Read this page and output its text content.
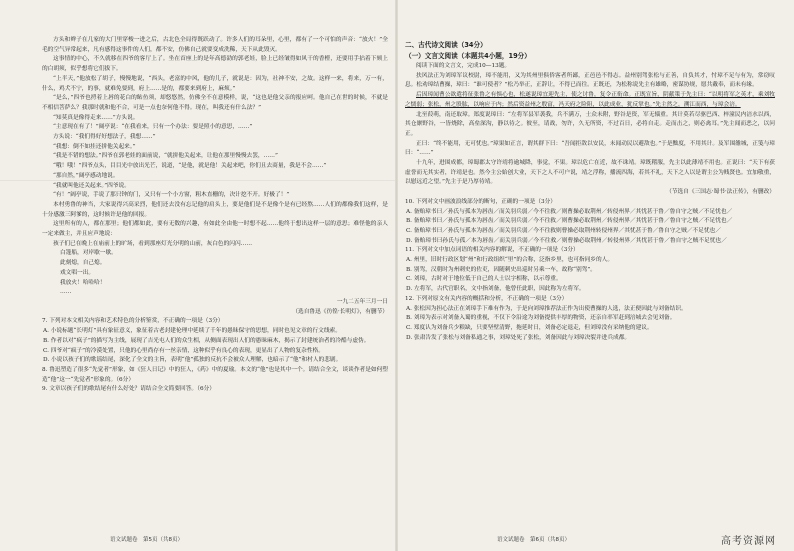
方头和辫子在几家的大门里穿梭一进之后，古北色全局得既跃动了。许多人们的耳朵里，心里，都有了一个可怕的声音：“放火！”全毛的空气异常起来，凡有感得这事件的人们，都不安，仿佛自己就要变成洗稀，天下从此毁灭。

这事情的中心，不久就移在四爷的客厅上了。坐在首座上的是年高德劭的郭老娃，脸上已经皱得如风干的香橙，还要用手拈着下颏上的白胡须，似乎想将它们拔下。

“上半天，”他放松了胡子，慢慢地说，“西头，老富的中风，他的儿子，就说是：因为，社神不安，之故。这样一来，将来，万一有，什么，鸡犬不宁，的事，就难免要到，府上……是的，都要来到府上，麻烦。”

“是么，”四爷也捋着上唇的花白的鲇鱼须，却悠悠然，仿佛全不在意模样，说，“这也是他父亲的报应呵。他自己在世的时候，不就是不相信菩萨么？我那时就和他不合，可是一点也奈何他不得。现在，叫我还有什么法？”

“知莫真是像得走来……”方头说。

“主意现在有了！”阔亭说：“在我看来，只有一个办法：要是照小的意思，……”

方头说：“我们得好好想法子，我想……”

“我想：倒不如挂还拼他关起来。”

“我是不错的想法。”四爷在郭老娃的面前说，“就拼他关起来，让他在那里慢慢去罢，……”

“哦！哦！”四爷点头，目目光中放出光芒，说道，“是他，就是他！关起来吧，你们且去商量，我是不会……”

“那自然，”阔亭感动地说。

“我就叫他还关起来。”四爷说。

“有！”阔亭说，手说了那只钟的门，又只有一个小方窗，粗木直栅的，决计挖不开。好极了！”

本村勇鲁的神当，大家说得兴高采烈，他们还去没有忘记他的肩头上，要是他们是不是像个是有已经熬……人们的都像我们这样，是十分感激三阿爹的，这时候许是他的回报。

这里所有的人，都在那里；他们都如此，要有无数的兴趣，有如此全由他一时想不起……他终于想出这样一层的意思；难怪他的亲人一定来做主，并且应声地说：

孩子们已在晚上在庙前上的旷场，看到那座灯光分明的山前，灰白色的闪闪……

白篷船，对岸歇一歇。

此刻熄，自己熄。

戏文唱一出。

我放火！哈哈哈！

……

一九二五年三月一日

（选自鲁迅《彷徨·长明灯》，有删节）

7. 下列对本文相关内容和艺术特色的分析鉴赏，不正确的一项是（3分）

A. 小说标题“长明灯”具有象征意义，象征着古老封建伦理中延续了千年的愚昧保守的思想，同时也见文章的行文线索。

B. 作者以对“疯子”的描写为主线，展现了吉光屯人们的众生相，从侧面表现出人们的愚昧麻木，揭示了封建统治者的冷酷与虚伪。

C. 四爷对“疯子”的冷漠处置，只他的心里尚存有一丝亲情，这种似乎有良心的表现，更显出了人物的复杂性格。

D. 小说以孩子们的歌谣结尾，深化了全文的主旨，表明“他”孤独的反抗不会被众人理解，也暗示了“他”和村人的悲剧。

8. 鲁迅塑造了很多“先觉者”形象，如《狂人日记》中的狂人，《药》中的夏瑜。本文的“他”也是其中一个。请结合全文，谈谈作者是如何塑造“他”这一“先觉者”形象的。（6分）

9. 文章以孩子们的歌结尾有什么好处？请结合全文简要回答。（6分）

语文试题卷　第5页（共8页）

二、古代诗文阅读（34分）

（一）文言文阅读（本题共4小题，19分）

阅读下面的文言文，完成10—13题。

扶风法正为刘璋军议校尉，璋不能用，又为其州里俱侨客者所鄙，正邑邑不得志。益州别驾张松与正善，自负其才，忖璋不足与有为，常窃叹息。松劝璋结曹操，璋曰：“谁可使者？”松乃举正，正辞让，不得已而往。正既还，为松称说先主有雄略，密谋协规，愿共戴奉，而未有缘。

后因璋闻曹公欲遣将征张鲁之有惧心也，松遂说璋宜迎先主，使之讨鲁，复令正衔命。正既宣旨，阴献策于先主曰：“以明将军之英才，乘刘牧之懦弱；张松，州之股肱，以响应于内；然后资益州之殷富，冯天府之险阻，以此成业，犹反掌也。”先主然之，溯江而西，与璋会涪。

北至葭萌，南还取璋。郑度说璋曰：“左将军县军袭我，兵不满万，士众未附，野谷是资，军无辎重。其计莫若尽驱巴西、梓潼民内涪水以西，其仓廪野谷，一皆烧除，高垒深沟，静以待之。彼至，请战，勿许，久无所资，不过百日，必将自走。走而击之，则必禽耳。”先主闻而恶之，以问正。

正曰：“终不能用，无可忧也。”璋果如正言，谓其群下曰：“吾闻拒敌以安民，未闻动民以避敌也。”于是黜度，不用其计。及军围雒城，正笺与璋曰：“……”

十九年，进围成都，璋蜀郡太守许靖将逾城降，事觉，不果。璋以危亡在近，故不诛靖。璋既稽服，先主以此薄靖不用也。正说曰：“天下有获虚誉而无其实者，许靖是也。然今主公始创大业，天下之人不可户说，靖之浮称，播流四海，若其不礼，天下之人以是谓主公为贱贤也。宜加敬重，以慰远近之望。”先主于是乃厚待靖。

（节选自《三国志·蜀书·法正传》，有删改）

10. 下列对文中画波浪线部分的断句，正确的一项是（3分）

A. 备贻璋书曰／孙氏与孤本为唇齿／而关羽兵弱／今不往救／则曹操必取荆州／转侵州界／其忧甚于鲁／鲁自守之贼／不足忧也／

B. 备贻璋书曰／孙氏与孤本为唇齿／而关羽兵弱／今不往救／则曹操必取荆州／转侵州界／其忧甚于鲁／鲁自守之贼／不足忧也／

C. 备贻璋书曰／孙氏与孤本为唇齿／而关羽兵弱／今不往救则曹操必取荆州转侵州界／其忧甚于鲁／鲁自守之贼／不足忧也／

D. 备贻璋书曰孙氏与孤／本为唇齿／而关羽兵弱／今不往救／则曹操必取荆州／转侵州界／其忧甚于鲁／鲁自守之贼不足忧也／

11. 下列对文中加点词语的相关内容的解说，不正确的一项是（3分）

A. 州里，旧时行政区划“州”和行政组织“里”的合称，泛指乡里，也可指同乡的人。

B. 别驾，汉朝时为州刺史的佐吏，因随刺史出巡时另乘一车，故称“别驾”。

C. 刘璋，古时对于地位低于自己的人士以字相称，以示尊重。

D. 左将军，古代官职名，文中指刘备，他曾任此职，因此称为左将军。

12. 下列对原文有关内容的概括和分析，不正确的一项是（3分）

A. 张松因为担心法正在刘璋手下难有作为，于是向刘璋推荐法正作为出使曹操的人选，法正便因此与刘备结识。

B. 刘璋为表示对刘备入蜀的重视，不仅下令沿途为刘备提供丰厚的物资，还亲自率军赶到涪城去会见刘备。

C. 郑度认为刘备兵少粮缺，只要坚壁清野，拖延时日，刘备必定退走，但刘璋没有采纳他的建议。

D. 张肃告发了张松与刘备私通之事，刘璋处死了张松，刘备因此与刘璋决裂并进兵成都。

语文试题卷　第6页（共8页）	高考资源网
